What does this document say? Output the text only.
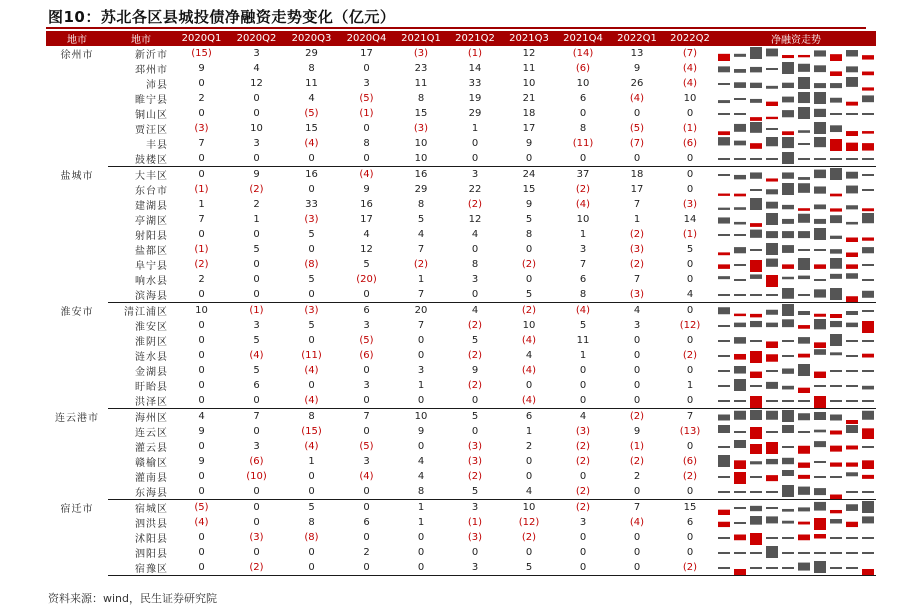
图10：苏北各区县城投债净融资走势变化（亿元）
地市	地市	2020Q1	2020Q2	2020Q3	2020Q4	2021Q1	2021Q2	2021Q3	2021Q4	2022Q1	2022Q2	净融资走势
徐州市	新沂市	(15)	3	29	17	(3)	(1)	12	(14)	13	(7)	

	邳州市	9	4	8	0	23	14	11	(6)	9	(4)	

	沛县	0	12	11	3	11	33	10	10	26	(4)	

	睢宁县	2	0	4	(5)	8	19	21	6	(4)	10	

	铜山区	0	0	(5)	(1)	15	29	18	0	0	0	

	贾汪区	(3)	10	15	0	(3)	1	17	8	(5)	(1)	

	丰县	7	3	(4)	8	10	0	9	(11)	(7)	(6)	

	鼓楼区	0	0	0	0	10	0	0	0	0	0	

盐城市	大丰区	0	9	16	(4)	16	3	24	37	18	0	

	东台市	(1)	(2)	0	9	29	22	15	(2)	17	0	

	建湖县	1	2	33	16	8	(2)	9	(4)	7	(3)	

	亭湖区	7	1	(3)	17	5	12	5	10	1	14	

	射阳县	0	0	5	4	4	4	8	1	(2)	(1)	

	盐都区	(1)	5	0	12	7	0	0	3	(3)	5	

	阜宁县	(2)	0	(8)	5	(2)	8	(2)	7	(2)	0	

	响水县	2	0	5	(20)	1	3	0	6	7	0	

	滨海县	0	0	0	0	7	0	5	8	(3)	4	

淮安市	清江浦区	10	(1)	(3)	6	20	4	(2)	(4)	4	0	

	淮安区	0	3	5	3	7	(2)	10	5	3	(12)	

	淮阴区	0	5	0	(5)	0	5	(4)	11	0	0	

	涟水县	0	(4)	(11)	(6)	0	(2)	4	1	0	(2)	

	金湖县	0	5	(4)	0	3	9	(4)	0	0	0	

	盱眙县	0	6	0	3	1	(2)	0	0	0	1	

	洪泽区	0	0	(4)	0	0	0	(4)	0	0	0	

连云港市	海州区	4	7	8	7	10	5	6	4	(2)	7	

	连云区	9	0	(15)	0	9	0	1	(3)	9	(13)	

	灌云县	0	3	(4)	(5)	0	(3)	2	(2)	(1)	0	

	赣榆区	9	(6)	1	3	4	(3)	0	(2)	(2)	(6)	

	灌南县	0	(10)	0	(4)	4	(2)	0	0	2	(2)	

	东海县	0	0	0	0	8	5	4	(2)	0	0	

宿迁市	宿城区	(5)	0	5	0	1	3	10	(2)	7	15	

	泗洪县	(4)	0	8	6	1	(1)	(12)	3	(4)	6	

	沭阳县	0	(3)	(8)	0	0	(3)	(2)	0	0	0	

	泗阳县	0	0	0	2	0	0	0	0	0	0	

	宿豫区	0	(2)	0	0	0	3	5	0	0	(2)	
资料来源：wind，民生证券研究院
